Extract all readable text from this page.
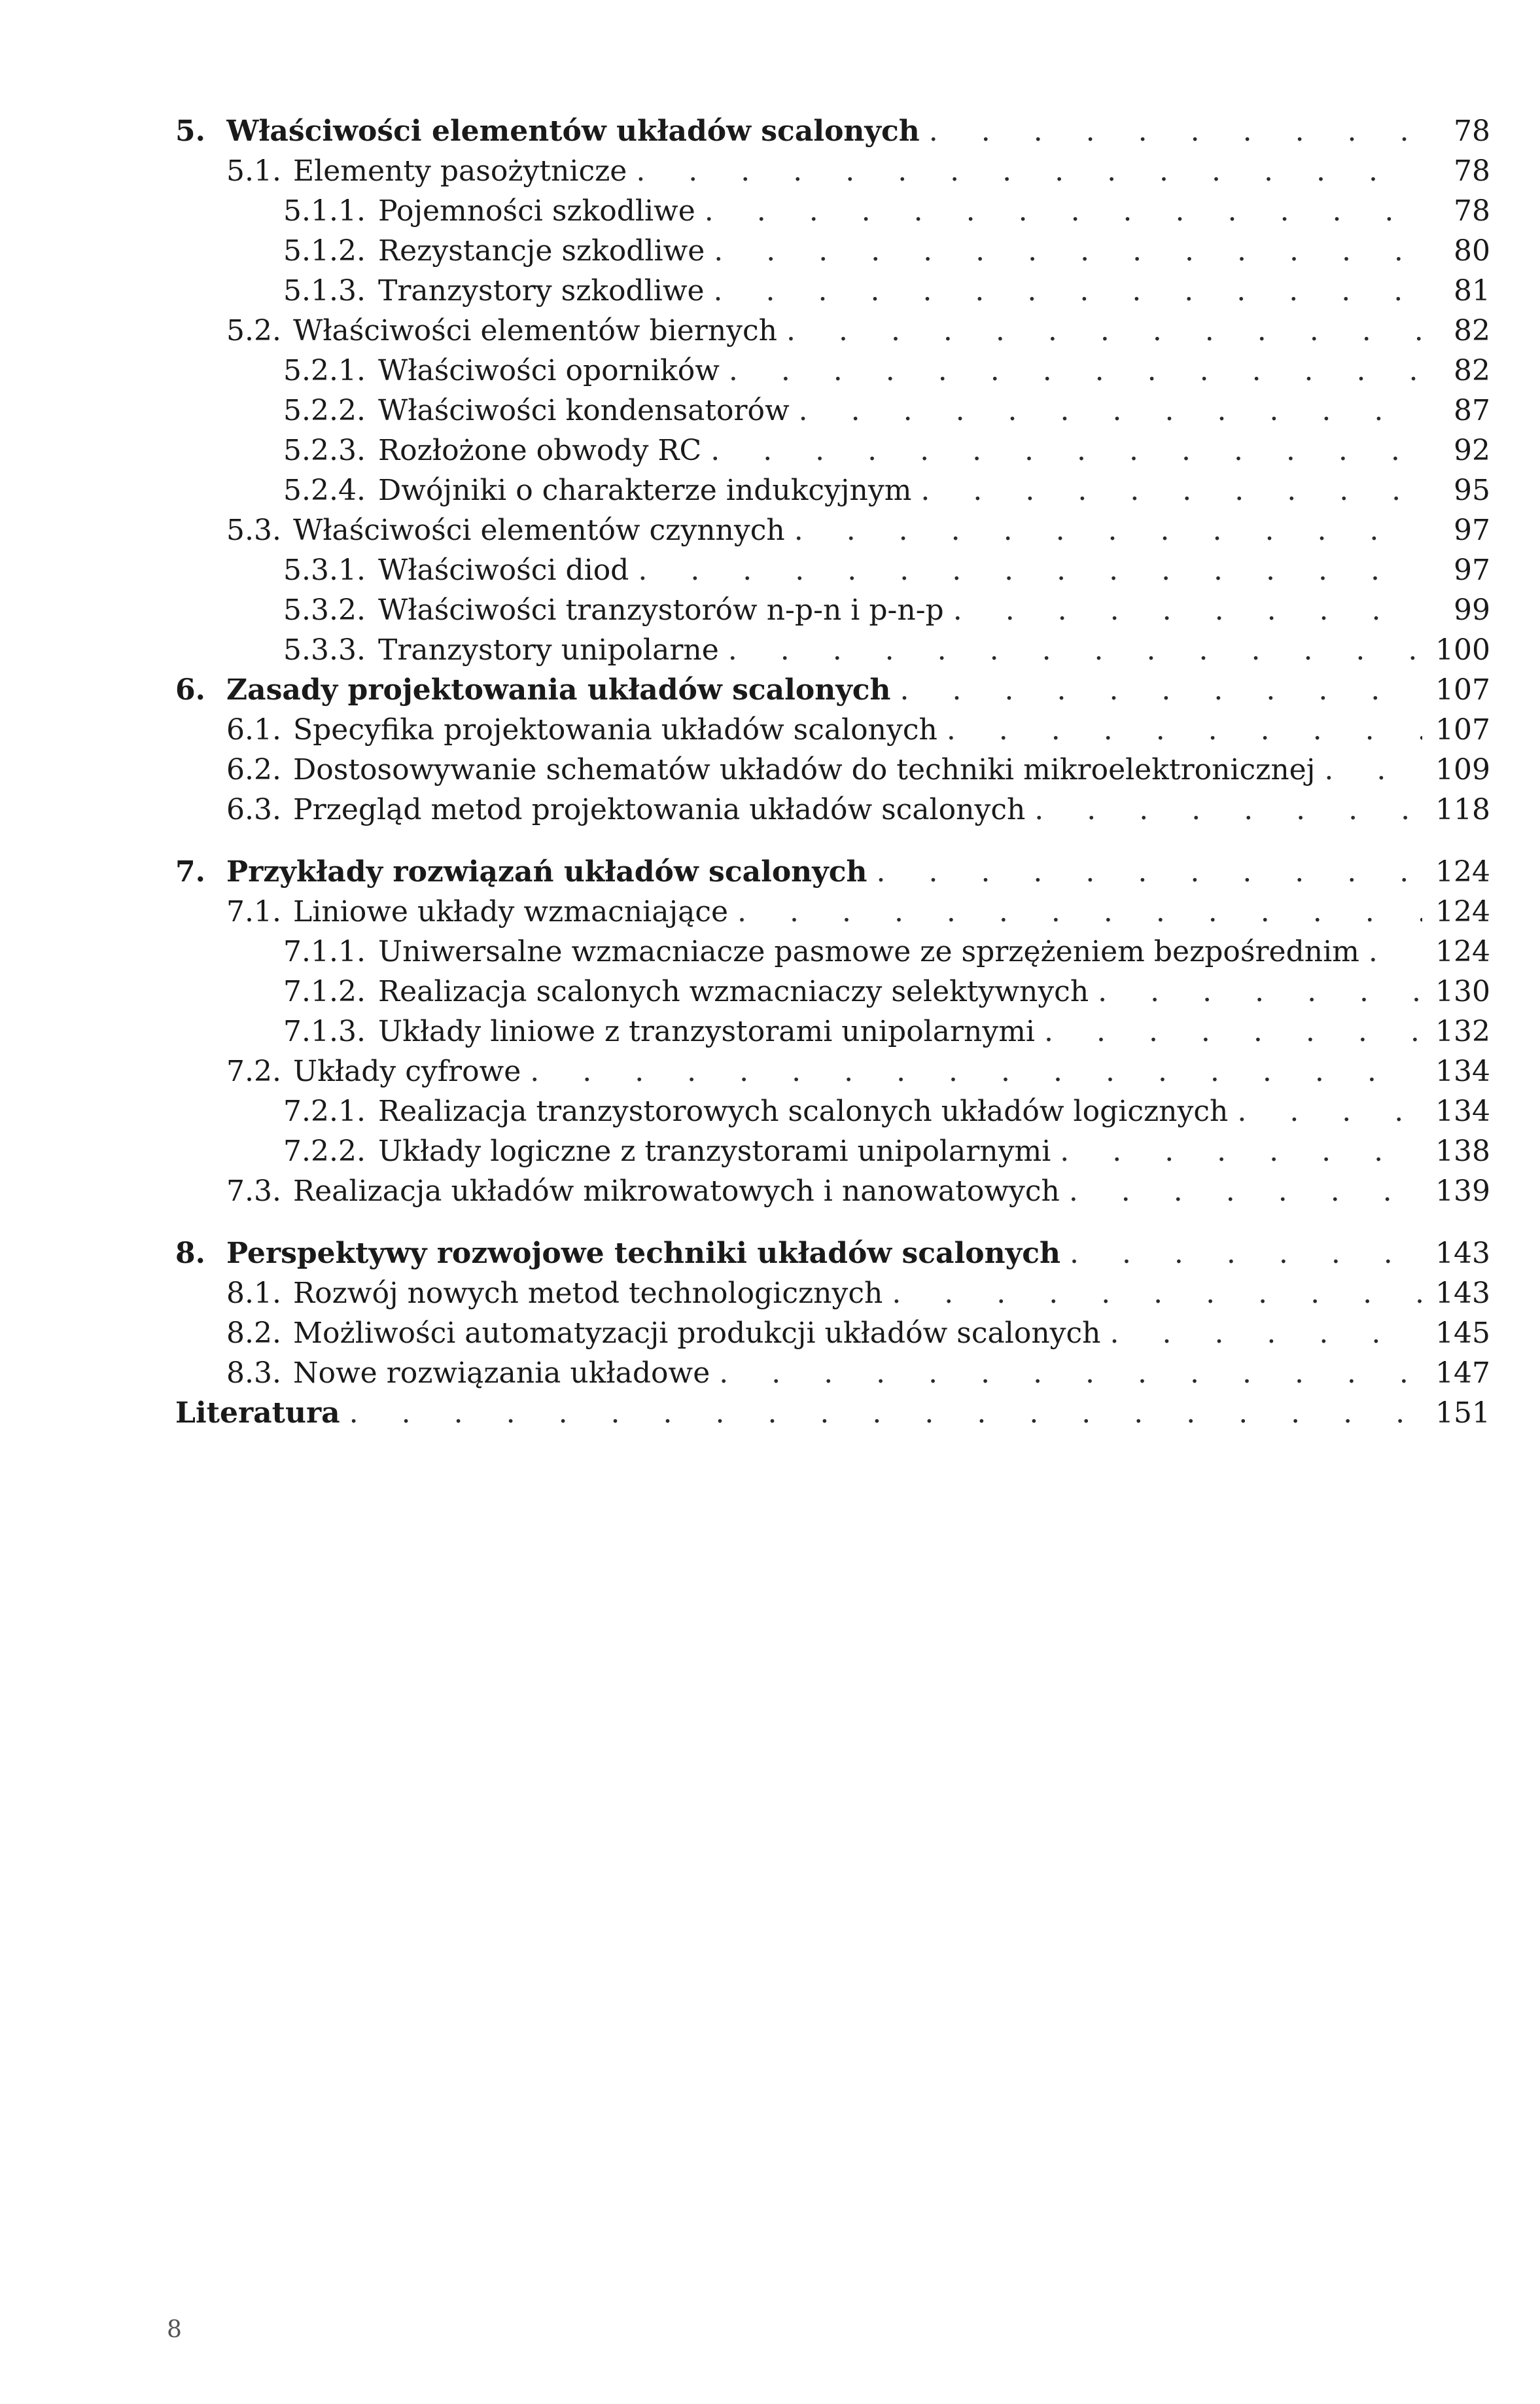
5. Właściwości elementów układów scalonych . . .	78
5.1. Elementy pasożytnicze . . .	78
5.1.1. Pojemności szkodliwe . . .	78
5.1.2. Rezystancje szkodliwe . . .	80
5.1.3. Tranzystory szkodliwe . . .	81
5.2. Właściwości elementów biernych . . .	82
5.2.1. Właściwości oporników . . .	82
5.2.2. Właściwości kondensatorów . . .	87
5.2.3. Rozłożone obwody RC . . .	92
5.2.4. Dwójniki o charakterze indukcyjnym . . .	95
5.3. Właściwości elementów czynnych . . .	97
5.3.1. Właściwości diod . . .	97
5.3.2. Właściwości tranzystorów n-p-n i p-n-p . . .	99
5.3.3. Tranzystory unipolarne . . .	100
6. Zasady projektowania układów scalonych . . .	107
6.1. Specyfika projektowania układów scalonych . . .	107
6.2. Dostosowywanie schematów układów do techniki mikroelektronicznej . . .	109
6.3. Przegląd metod projektowania układów scalonych . . .	118
7. Przykłady rozwiązań układów scalonych . . .	124
7.1. Liniowe układy wzmacniające . . .	124
7.1.1. Uniwersalne wzmacniacze pasmowe ze sprzężeniem bezpośrednim . . .	124
7.1.2. Realizacja scalonych wzmacniaczy selektywnych . . .	130
7.1.3. Układy liniowe z tranzystorami unipolarnymi . . .	132
7.2. Układy cyfrowe . . .	134
7.2.1. Realizacja tranzystorowych scalonych układów logicznych . . .	134
7.2.2. Układy logiczne z tranzystorami unipolarnymi . . .	138
7.3. Realizacja układów mikrowatowych i nanowatowych . . .	139
8. Perspektywy rozwojowe techniki układów scalonych . . .	143
8.1. Rozwój nowych metod technologicznych . . .	143
8.2. Możliwości automatyzacji produkcji układów scalonych . . .	145
8.3. Nowe rozwiązania układowe . . .	147
Literatura . . .	151
8
